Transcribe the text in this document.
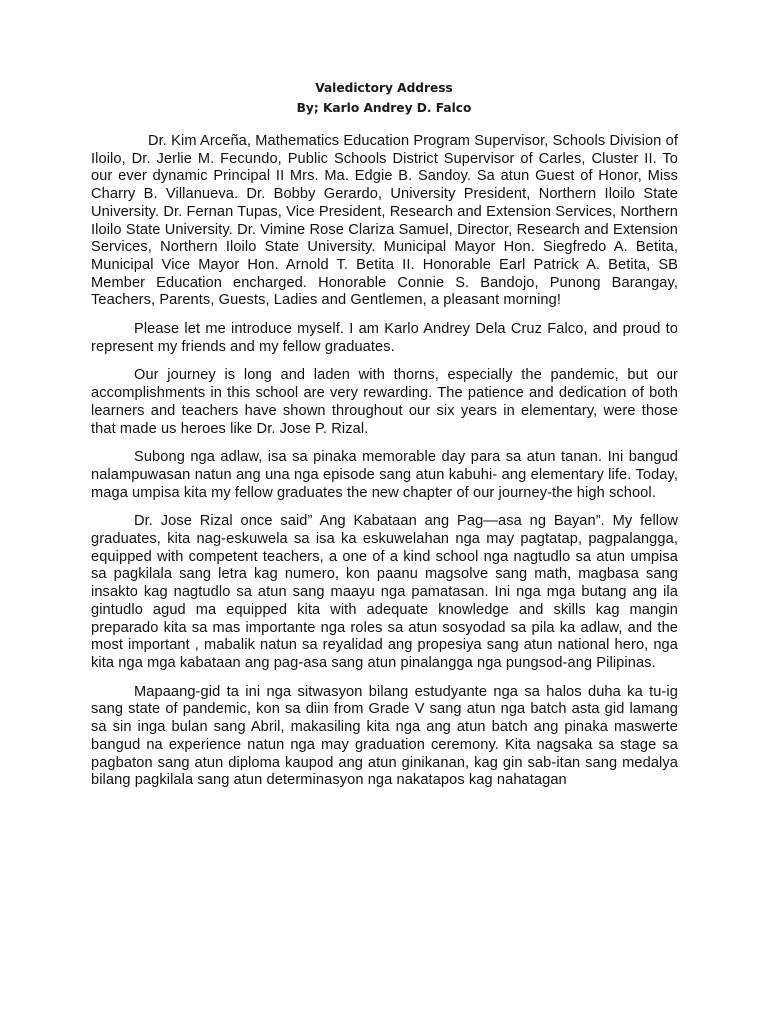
Valedictory Address
By; Karlo Andrey D. Falco

Dr. Kim Arceña, Mathematics Education Program Supervisor, Schools Division of Iloilo, Dr. Jerlie M. Fecundo, Public Schools District Supervisor of Carles, Cluster II. To our ever dynamic Principal II Mrs. Ma. Edgie B. Sandoy. Sa atun Guest of Honor, Miss Charry B. Villanueva. Dr. Bobby Gerardo, University President, Northern Iloilo State University. Dr. Fernan Tupas, Vice President, Research and Extension Services, Northern Iloilo State University. Dr. Vimine Rose Clariza Samuel, Director, Research and Extension Services, Northern Iloilo State University. Municipal Mayor Hon. Siegfredo A. Betita, Municipal Vice Mayor Hon. Arnold T. Betita II. Honorable Earl Patrick A. Betita, SB Member Education encharged. Honorable Connie S. Bandojo, Punong Barangay, Teachers, Parents, Guests, Ladies and Gentlemen, a pleasant morning!

Please let me introduce myself. I am Karlo Andrey Dela Cruz Falco, and proud to represent my friends and my fellow graduates.

Our journey is long and laden with thorns, especially the pandemic, but our accomplishments in this school are very rewarding. The patience and dedication of both learners and teachers have shown throughout our six years in elementary, were those that made us heroes like Dr. Jose P. Rizal.

Subong nga adlaw, isa sa pinaka memorable day para sa atun tanan. Ini bangud nalampuwasan natun ang una nga episode sang atun kabuhi- ang elementary life. Today, maga umpisa kita my fellow graduates the new chapter of our journey-the high school.

Dr. Jose Rizal once said” Ang Kabataan ang Pag—asa ng Bayan”. My fellow graduates, kita nag-eskuwela sa isa ka eskuwelahan nga may pagtatap, pagpalangga, equipped with competent teachers, a one of a kind school nga nagtudlo sa atun umpisa sa pagkilala sang letra kag numero, kon paanu magsolve sang math, magbasa sang insakto kag nagtudlo sa atun sang maayu nga pamatasan. Ini nga mga butang ang ila gintudlo agud ma equipped kita with adequate knowledge and skills kag mangin preparado kita sa mas importante nga roles sa atun sosyodad sa pila ka adlaw, and the most important , mabalik natun sa reyalidad ang propesiya sang atun national hero, nga kita nga mga kabataan ang pag-asa sang atun pinalangga nga pungsod-ang Pilipinas.

Mapaang-gid ta ini nga sitwasyon bilang estudyante nga sa halos duha ka tu-ig sang state of pandemic, kon sa diin from Grade V sang atun nga batch asta gid lamang sa sin inga bulan sang Abril, makasiling kita nga ang atun batch ang pinaka maswerte bangud na experience natun nga may graduation ceremony. Kita nagsaka sa stage sa pagbaton sang atun diploma kaupod ang atun ginikanan, kag gin sab-itan sang medalya bilang pagkilala sang atun determinasyon nga nakatapos kag nahatagan
